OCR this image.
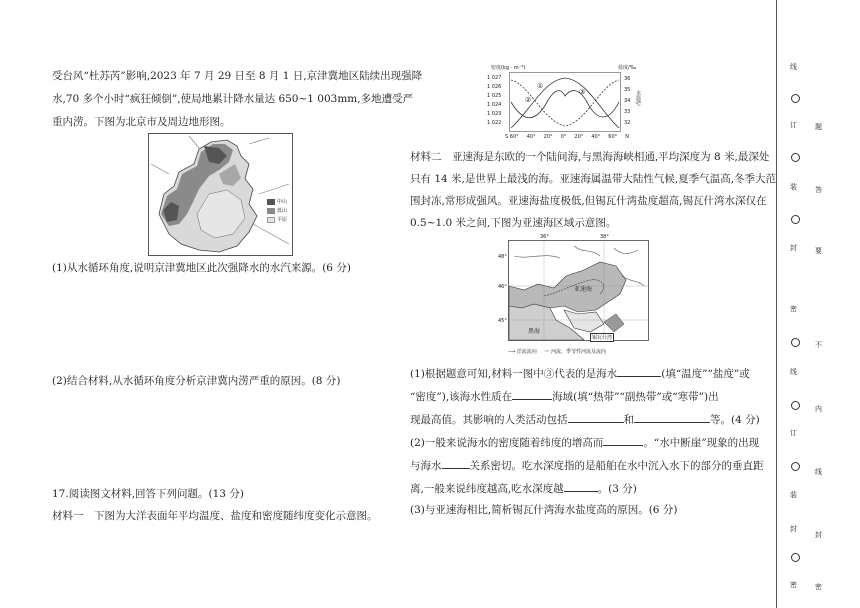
受台风“杜苏芮”影响,2023 年 7 月 29 日至 8 月 1 日,京津冀地区陆续出现强降
水,70 多个小时“疯狂倾倒”,使局地累计降水量达 650~1 003mm,多地遭受严
重内涝。下图为北京市及周边地形图。
中山
低山
平原
(1)从水循环角度,说明京津冀地区此次强降水的水汽来源。(6 分)
(2)结合材料,从水循环角度分析京津冀内涝严重的原因。(8 分)
17.阅读图文材料,回答下列问题。(13 分)
材料一　下图为大洋表面年平均温度、盐度和密度随纬度变化示意图。
密度(kg · m⁻³)	盐度/‰
1 027
1 026
1 025
1 024
1 023
1 022
①
②
③
36
35
34
33
32
水温/℃
S 60° 40° 20° 0° 20° 40° 60° N
材料二　亚速海是东欧的一个陆间海,与黑海海峡相通,平均深度为 8 米,最深处
只有 14 米,是世界上最浅的海。亚速海属温带大陆性气候,夏季气温高,冬季大范
围封冻,常形成强风。亚速海盐度极低,但锡瓦什湾盐度超高,锡瓦什湾水深仅在
0.5~1.0 米之间,下图为亚速海区域示意图。
36°	38°
48°
46°
45°
亚速海
黑海
锡瓦什湾
⟶ 洋流流向 〰 河流、季节性河流及流向
(1)根据题意可知,材料一图中③代表的是海水	(填“温度”“盐度”或
“密度”),该海水性质在	海域(填“热带”“副热带”或“寒带”)出
现最高值。其影响的人类活动包括	和	等。(4 分)
(2)一般来说海水的密度随着纬度的增高而	。“水中断崖”现象的出现
与海水	关系密切。吃水深度指的是船舶在水中沉入水下的部分的垂直距
离,一般来说纬度越高,吃水深度越	。(3 分)
(3)与亚速海相比,简析锡瓦什湾海水盐度高的原因。(6 分)
线
订
装
封
密
线
订
装
封
密
题
答
要
不
内
线
封
密
